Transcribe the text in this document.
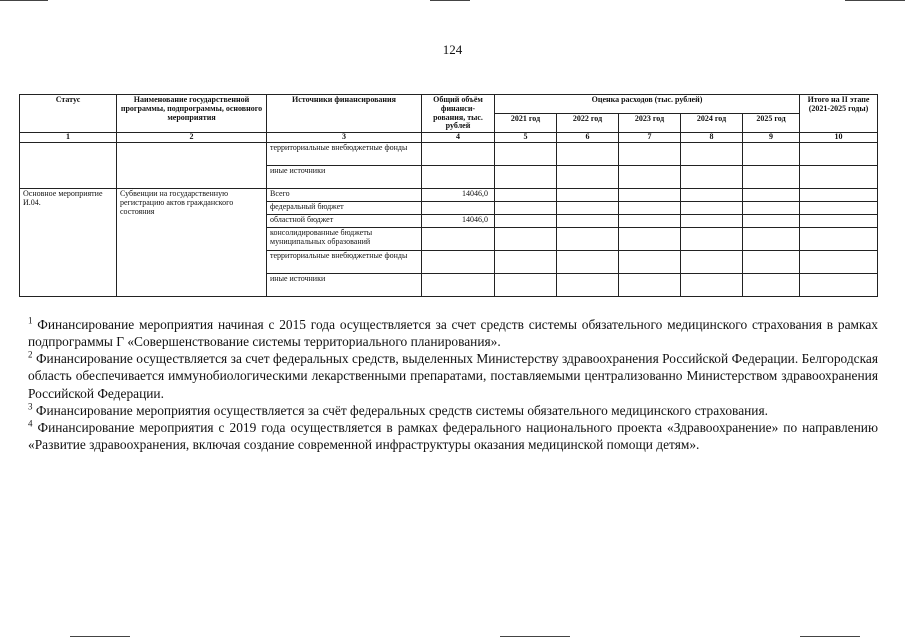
124
Статус	Наименование государственной программы, подпрограммы, основного мероприятия	Источники финансирования	Общий объём финанси-рования, тыс. рублей	Оценка расходов (тыс. рублей)					Итого на II этапе (2021-2025 годы)
				2021 год	2022 год	2023 год	2024 год	2025 год	
1	2	3	4	5	6	7	8	9	10
		территориальные внебюджетные фонды							
		иные источники							
Основное мероприятие И.04.	Субвенции на государственную регистрацию актов гражданского состояния	Всего	14046,0						
		федеральный бюджет							
		областной бюджет	14046,0						
		консолидированные бюджеты муниципальных образований							
		территориальные внебюджетные фонды							
		иные источники							

$^1$ Финансирование мероприятия начиная с 2015 года осуществляется за счет средств системы обязательного медицинского страхования в рамках подпрограммы Г «Совершенствование системы территориального планирования».

$^2$ Финансирование осуществляется за счет федеральных средств, выделенных Министерству здравоохранения Российской Федерации. Белгородская область обеспечивается иммунобиологическими лекарственными препаратами, поставляемыми централизованно Министерством здравоохранения Российской Федерации.

$^3$ Финансирование мероприятия осуществляется за счёт федеральных средств системы обязательного медицинского страхования.

$^4$ Финансирование мероприятия с 2019 года осуществляется в рамках федерального национального проекта «Здравоохранение» по направлению «Развитие здравоохранения, включая создание современной инфраструктуры оказания медицинской помощи детям».
